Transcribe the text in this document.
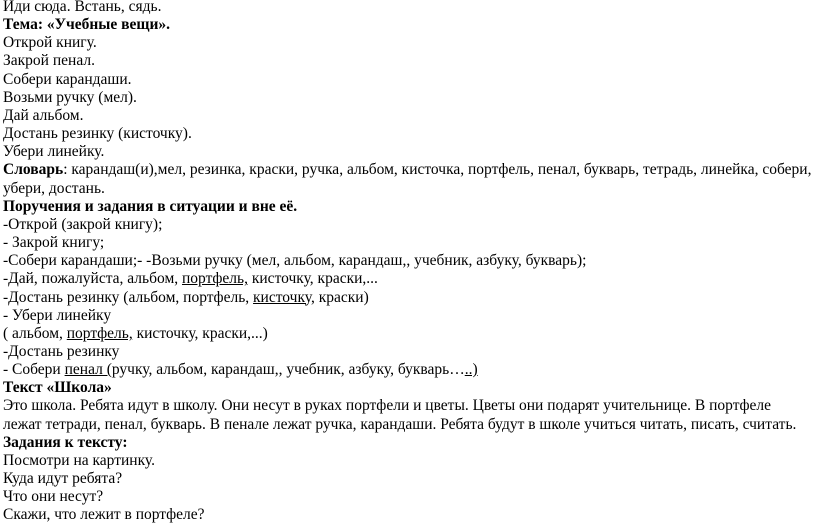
Иди сюда. Встань, сядь.
Тема: «Учебные вещи».
Открой книгу.
Закрой пенал.
Собери карандаши.
Возьми ручку (мел).
Дай альбом.
Достань резинку (кисточку).
Убери линейку.
Словарь: карандаш(и),мел, резинка, краски, ручка, альбом, кисточка, портфель, пенал, букварь, тетрадь, линейка, собери, убери, достань.
Поручения и задания в ситуации и вне её.
-Открой (закрой книгу);
- Закрой книгу;
-Собери карандаши;- -Возьми ручку (мел, альбом, карандаш,, учебник, азбуку, букварь);
-Дай, пожалуйста, альбом, портфель, кисточку, краски,...
-Достань резинку (альбом, портфель, кисточку, краски)
- Убери линейку
( альбом, портфель, кисточку, краски,...)
-Достань резинку
- Собери пенал (ручку, альбом, карандаш,, учебник, азбуку, букварь…..)
Текст «Школа»
Это школа. Ребята идут в школу. Они несут в руках портфели и цветы. Цветы они подарят учительнице. В портфеле лежат тетради, пенал, букварь. В пенале лежат ручка, карандаши. Ребята будут в школе учиться читать, писать, считать.
Задания к тексту:
Посмотри на картинку.
Куда идут ребята?
Что они несут?
Скажи, что лежит в портфеле?
